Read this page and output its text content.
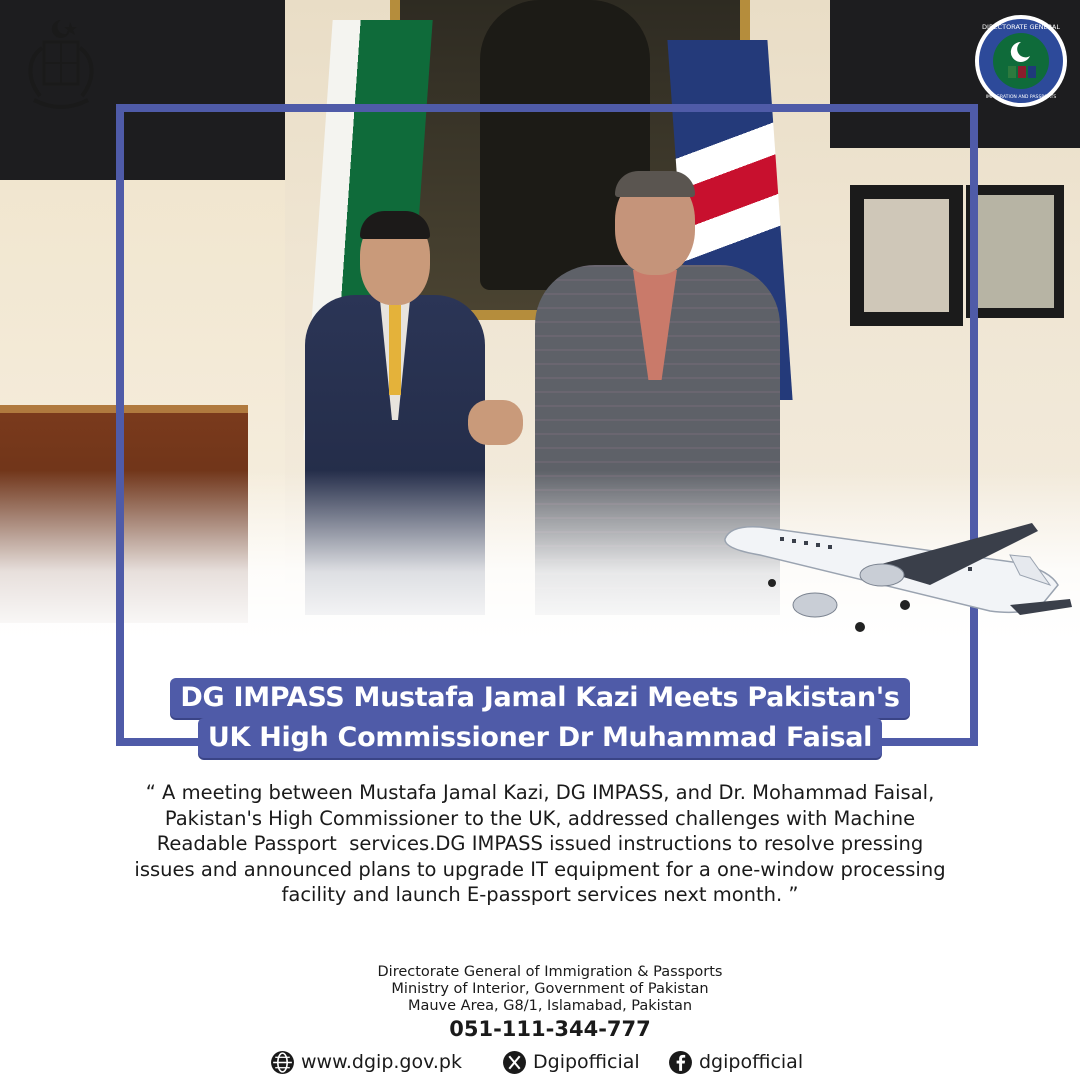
DIRECTORATE GENERAL
IMMIGRATION AND PASSPORTS
DG IMPASS Mustafa Jamal Kazi Meets Pakistan's
UK High Commissioner Dr Muhammad Faisal
“ A meeting between Mustafa Jamal Kazi, DG IMPASS, and Dr. Mohammad Faisal,
Pakistan's High Commissioner to the UK, addressed challenges with Machine
Readable Passport  services.DG IMPASS issued instructions to resolve pressing
issues and announced plans to upgrade IT equipment for a one-window processing
facility and launch E-passport services next month. ”
Directorate General of Immigration & Passports
Ministry of Interior, Government of Pakistan
Mauve Area, G8/1, Islamabad, Pakistan
051-111-344-777
www.dgip.gov.pk	Dgipofficial	dgipofficial
